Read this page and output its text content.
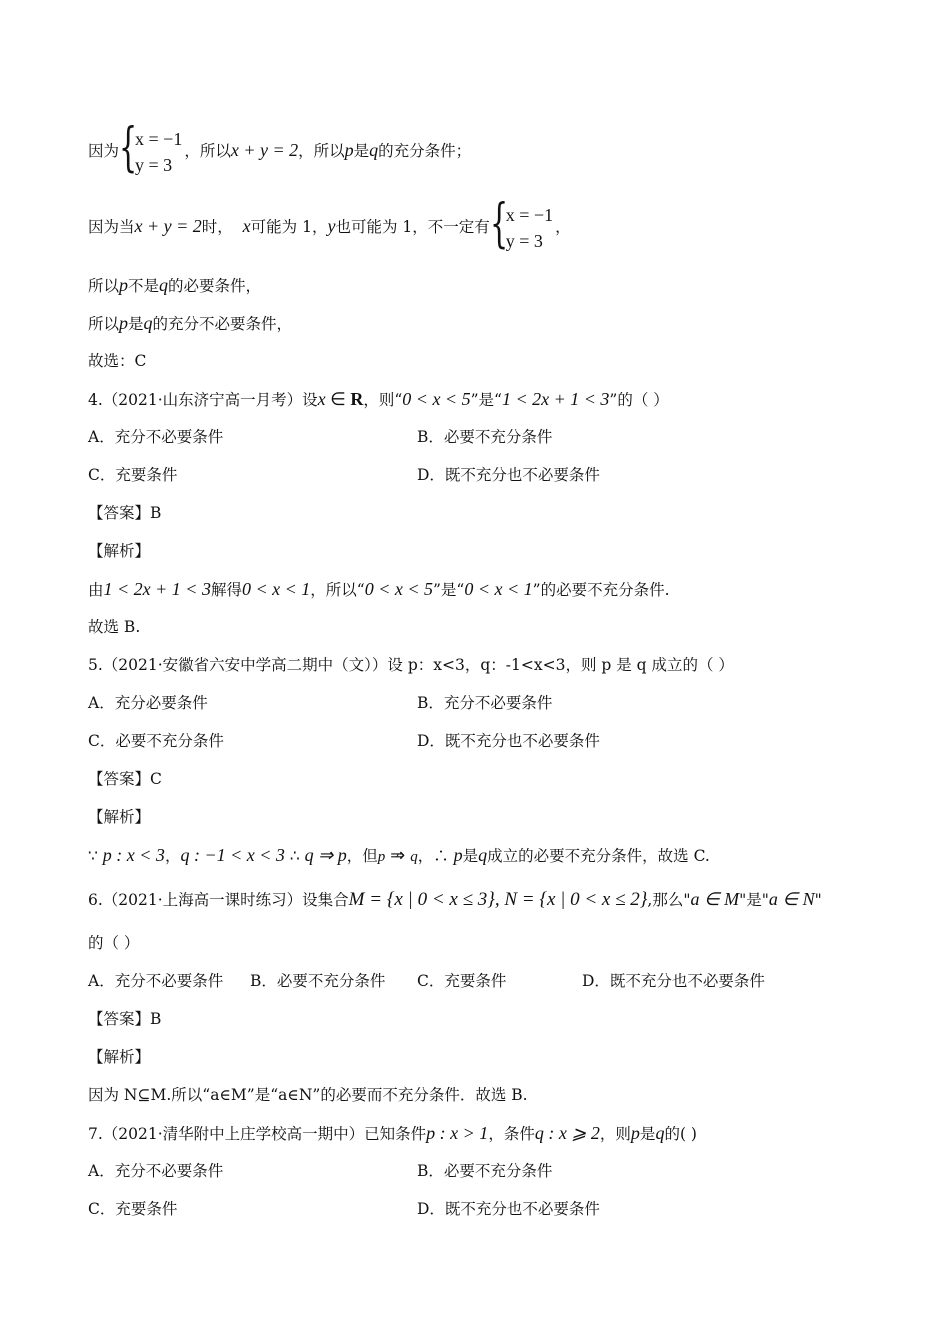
因为 {
x = −1
y = 3
，所以x + y = 2，所以p是q的充分条件；
因为当x + y = 2时， x可能为 1，y也可能为 1，不一定有 {
x = −1
y = 3
，
所以p不是q的必要条件，
所以p是q的充分不必要条件，
故选：C
4.（2021·山东济宁高一月考）设x ∈ R，则“0 < x < 5”是“1 < 2x + 1 < 3”的（ ）
A．充分不必要条件	B．必要不充分条件
C．充要条件	D．既不充分也不必要条件
【答案】B
【解析】
由1 < 2x + 1 < 3解得0 < x < 1，所以“0 < x < 5”是“0 < x < 1”的必要不充分条件.
故选 B.
5.（2021·安徽省六安中学高二期中（文））设 p：x<3，q：-1<x<3，则 p 是 q 成立的（ ）
A．充分必要条件	B．充分不必要条件
C．必要不充分条件	D．既不充分也不必要条件
【答案】C
【解析】
∵ p : x < 3，q : −1 < x < 3 ∴ q ⇒ p，但p ⇒ q，∴ p是q成立的必要不充分条件，故选 C.
6.（2021·上海高一课时练习）设集合M = {x | 0 < x ≤ 3}, N = {x | 0 < x ≤ 2},那么"a ∈ M"是"a ∈ N"
的（ ）
A．充分不必要条件 B．必要不充分条件 C．充要条件	D．既不充分也不必要条件
【答案】B
【解析】
因为 N⊆M.所以“a∈M”是“a∈N”的必要而不充分条件．故选 B.
7.（2021·清华附中上庄学校高一期中）已知条件p : x > 1，条件q : x ⩾ 2，则p是q的( )
A．充分不必要条件	B．必要不充分条件
C．充要条件	D．既不充分也不必要条件
